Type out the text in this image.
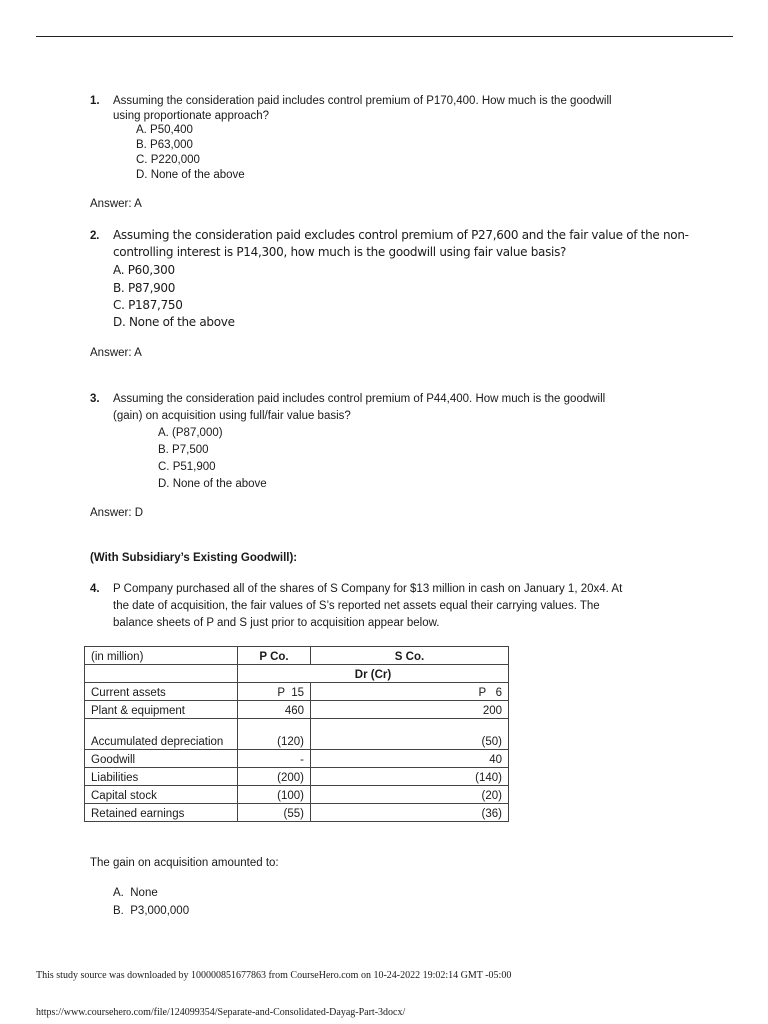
1. Assuming the consideration paid includes control premium of P170,400. How much is the goodwill
using proportionate approach?
A. P50,400
B. P63,000
C. P220,000
D. None of the above
Answer: A
2. Assuming the consideration paid excludes control premium of P27,600 and the fair value of the non-
controlling interest is P14,300, how much is the goodwill using fair value basis?
A. P60,300
B. P87,900
C. P187,750
D. None of the above
Answer: A
3. Assuming the consideration paid includes control premium of P44,400. How much is the goodwill
(gain) on acquisition using full/fair value basis?
A. (P87,000)
B. P7,500
C. P51,900
D. None of the above
Answer: D
(With Subsidiary’s Existing Goodwill):
4. P Company purchased all of the shares of S Company for $13 million in cash on January 1, 20x4. At
the date of acquisition, the fair values of S’s reported net assets equal their carrying values. The
balance sheets of P and S just prior to acquisition appear below.
(in million)	P Co.	S Co.
	Dr (Cr)	
Current assets	P  15	P   6
Plant & equipment	460	200
Accumulated depreciation	(120)	(50)
Goodwill	-	40
Liabilities	(200)	(140)
Capital stock	(100)	(20)
Retained earnings	(55)	(36)
The gain on acquisition amounted to:
A.  None
B.  P3,000,000
This study source was downloaded by 100000851677863 from CourseHero.com on 10-24-2022 19:02:14 GMT -05:00
https://www.coursehero.com/file/124099354/Separate-and-Consolidated-Dayag-Part-3docx/
